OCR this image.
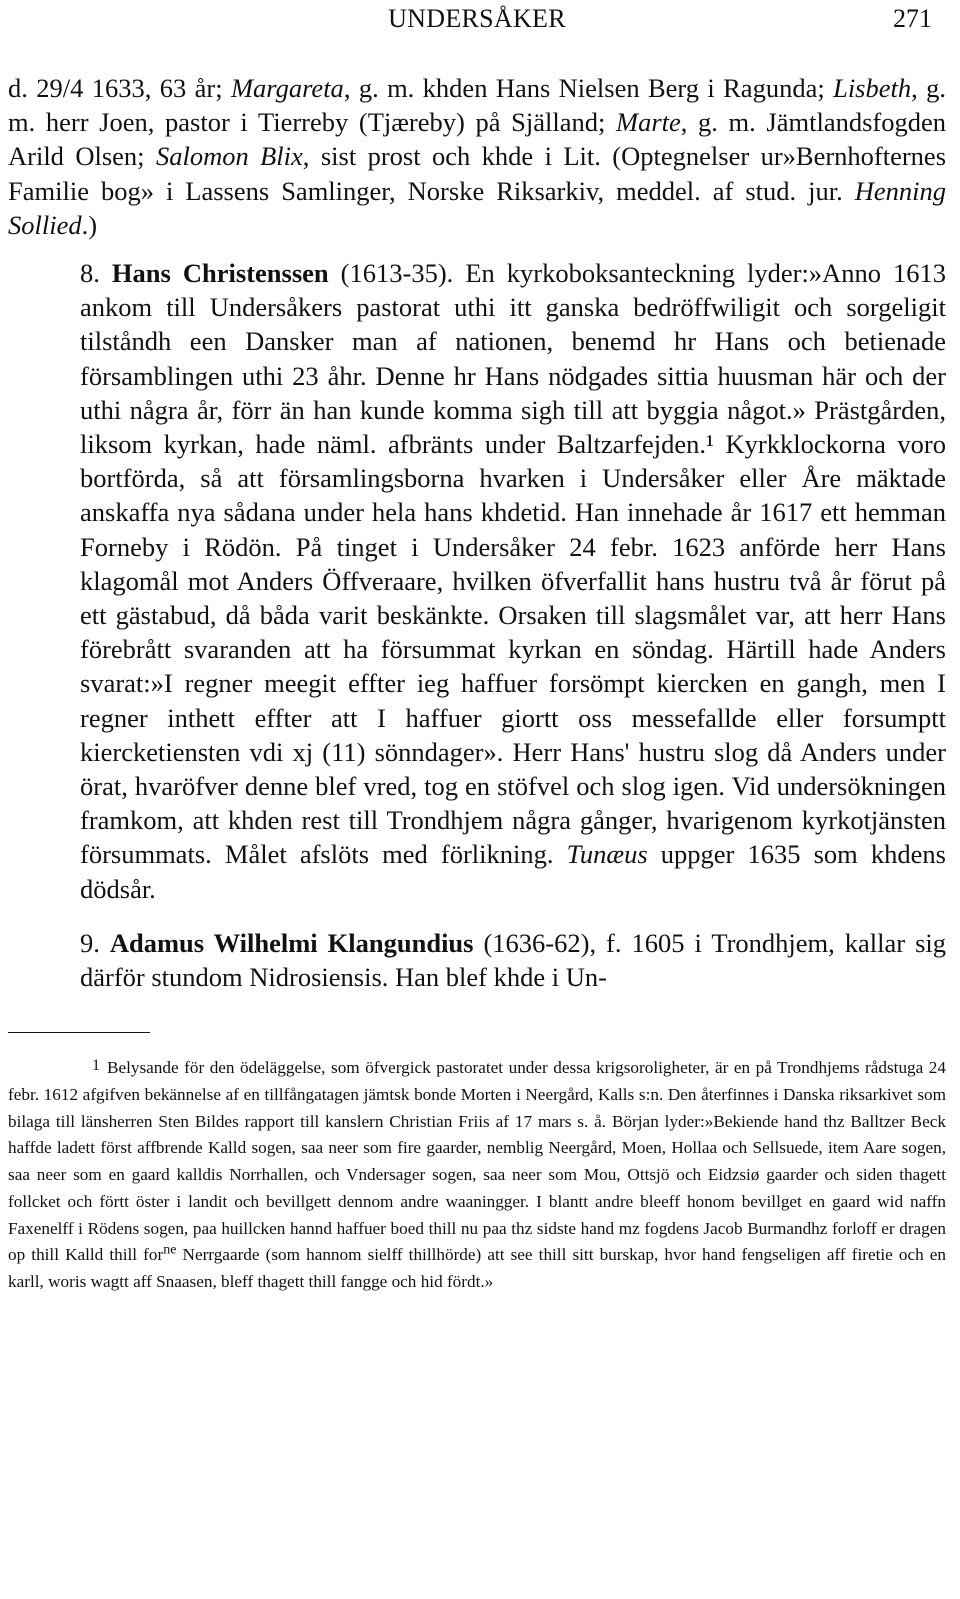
UNDERSÅKER	271

d. 29/4 1633, 63 år; Margareta, g. m. khden Hans Nielsen Berg i Ragunda; Lisbeth, g. m. herr Joen, pastor i Tierreby (Tjæreby) på Själland; Marte, g. m. Jämtlandsfogden Arild Olsen; Salomon Blix, sist prost och khde i Lit. (Optegnelser ur»Bernhofternes Familie bog» i Lassens Samlinger, Norske Riksarkiv, meddel. af stud. jur. Henning Sollied.)

8. Hans Christenssen (1613-35). En kyrkoboksanteckning lyder:»Anno 1613 ankom till Undersåkers pastorat uthi itt ganska bedröffwiligit och sorgeligit tilståndh een Dansker man af nationen, benemd hr Hans och betienade församblingen uthi 23 åhr. Denne hr Hans nödgades sittia huusman här och der uthi några år, förr än han kunde komma sigh till att byggia något.» Prästgården, liksom kyrkan, hade näml. afbränts under Baltzarfejden.¹ Kyrkklockorna voro bortförda, så att församlingsborna hvarken i Undersåker eller Åre mäktade anskaffa nya sådana under hela hans khdetid. Han innehade år 1617 ett hemman Forneby i Rödön. På tinget i Undersåker 24 febr. 1623 anförde herr Hans klagomål mot Anders Öffveraare, hvilken öfverfallit hans hustru två år förut på ett gästabud, då båda varit beskänkte. Orsaken till slagsmålet var, att herr Hans förebrått svaranden att ha försummat kyrkan en söndag. Härtill hade Anders svarat:»I regner meegit effter ieg haffuer forsömpt kiercken en gangh, men I regner inthett effter att I haffuer giortt oss messefallde eller forsumptt kiercketiensten vdi xj (11) sönndager». Herr Hans' hustru slog då Anders under örat, hvaröfver denne blef vred, tog en stöfvel och slog igen. Vid undersökningen framkom, att khden rest till Trondhjem några gånger, hvarigenom kyrkotjänsten försummats. Målet afslöts med förlikning. Tunæus uppger 1635 som khdens dödsår.

9. Adamus Wilhelmi Klangundius (1636-62), f. 1605 i Trondhjem, kallar sig därför stundom Nidrosiensis. Han blef khde i Un-

1 Belysande för den ödeläggelse, som öfvergick pastoratet under dessa krigsoroligheter, är en på Trondhjems rådstuga 24 febr. 1612 afgifven bekännelse af en tillfångatagen jämtsk bonde Morten i Neergård, Kalls s:n. Den återfinnes i Danska riksarkivet som bilaga till länsherren Sten Bildes rapport till kanslern Christian Friis af 17 mars s. å. Början lyder:»Bekiende hand thz Balltzer Beck haffde ladett först affbrende Kalld sogen, saa neer som fire gaarder, nemblig Neergård, Moen, Hollaa och Sellsuede, item Aare sogen, saa neer som en gaard kalldis Norrhallen, och Vndersager sogen, saa neer som Mou, Ottsjö och Eidzsiø gaarder och siden thagett follcket och förtt öster i landit och bevillgett dennom andre waaningger. I blantt andre bleeff honom bevillget en gaard wid naffn Faxenelff i Rödens sogen, paa huillcken hannd haffuer boed thill nu paa thz sidste hand mz fogdens Jacob Burmandhz forloff er dragen op thill Kalld thill for$^{ne}$ Nerrgaarde (som hannom sielff thillhörde) att see thill sitt burskap, hvor hand fengseligen aff firetie och en karll, woris wagtt aff Snaasen, bleff thagett thill fangge och hid fördt.»
